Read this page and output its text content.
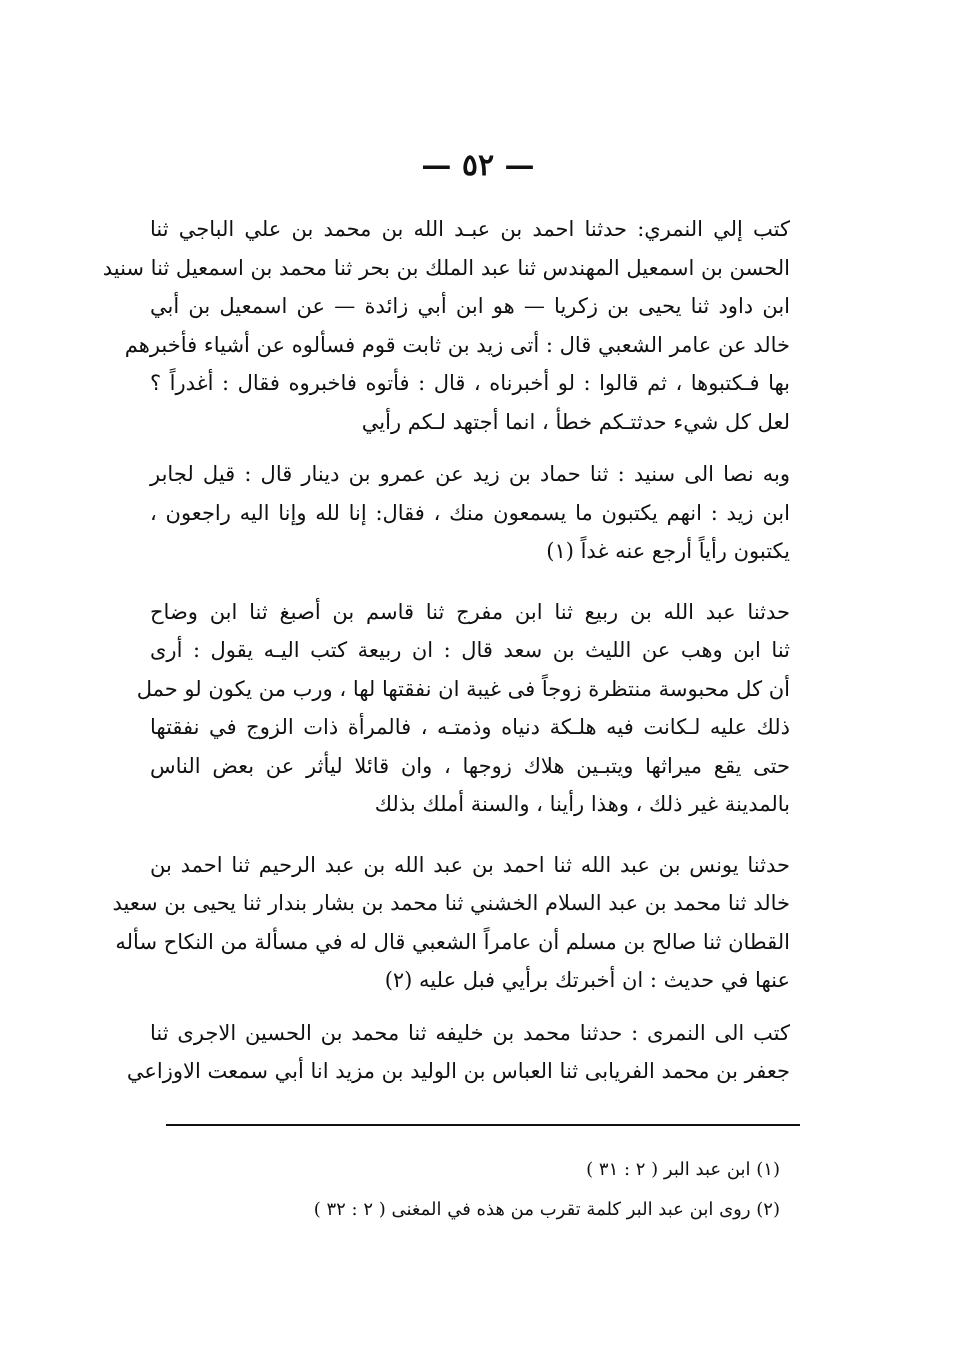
— ٥٢ —
كتب إلي النمري: حدثنا احمد بن عبـد الله بن محمد بن علي الباجي ثنا
الحسن بن اسمعيل المهندس ثنا عبد الملك بن بحر ثنا محمد بن اسمعيل ثنا سنيد
ابن داود ثنا يحيى بن زكريا — هو ابن أبي زائدة — عن اسمعيل بن أبي
خالد عن عامر الشعبي قال : أتى زيد بن ثابت قوم فسألوه عن أشياء فأخبرهم
بها فـكتبوها ، ثم قالوا : لو أخبرناه ، قال : فأتوه فاخبروه فقال : أغدراً ؟
لعل كل شيء حدثتـكم خطأ ، انما أجتهد لـكم رأيي
وبه نصا الى سنيد : ثنا حماد بن زيد عن عمرو بن دينار قال : قيل لجابر
ابن زيد : انهم يكتبون ما يسمعون منك ، فقال: إنا لله وإنا اليه راجعون ،
يكتبون رأياً أرجع عنه غداً (١)
حدثنا عبد الله بن ربيع ثنا ابن مفرج ثنا قاسم بن أصبغ ثنا ابن وضاح
ثنا ابن وهب عن الليث بن سعد قال : ان ربيعة كتب اليـه يقول : أرى
أن كل محبوسة منتظرة زوجاً فى غيبة ان نفقتها لها ، ورب من يكون لو حمل
ذلك عليه لـكانت فيه هلـكة دنياه وذمتـه ، فالمرأة ذات الزوج في نفقتها
حتى يقع ميراثها ويتبـين هلاك زوجها ، وان قائلا ليأثر عن بعض الناس
بالمدينة غير ذلك ، وهذا رأينا ، والسنة أملك بذلك
حدثنا يونس بن عبد الله ثنا احمد بن عبد الله بن عبد الرحيم ثنا احمد بن
خالد ثنا محمد بن عبد السلام الخشني ثنا محمد بن بشار بندار ثنا يحيى بن سعيد
القطان ثنا صالح بن مسلم أن عامراً الشعبي قال له في مسألة من النكاح سأله
عنها في حديث : ان أخبرتك برأيي فبل عليه (٢)
كتب الى النمرى : حدثنا محمد بن خليفه ثنا محمد بن الحسين الاجرى ثنا
جعفر بن محمد الفريابى ثنا العباس بن الوليد بن مزيد انا أبي سمعت الاوزاعي
(١) ابن عبد البر ( ٢ : ٣١ )
(٢) روى ابن عبد البر كلمة تقرب من هذه في المغنى ( ٢ : ٣٢ )
